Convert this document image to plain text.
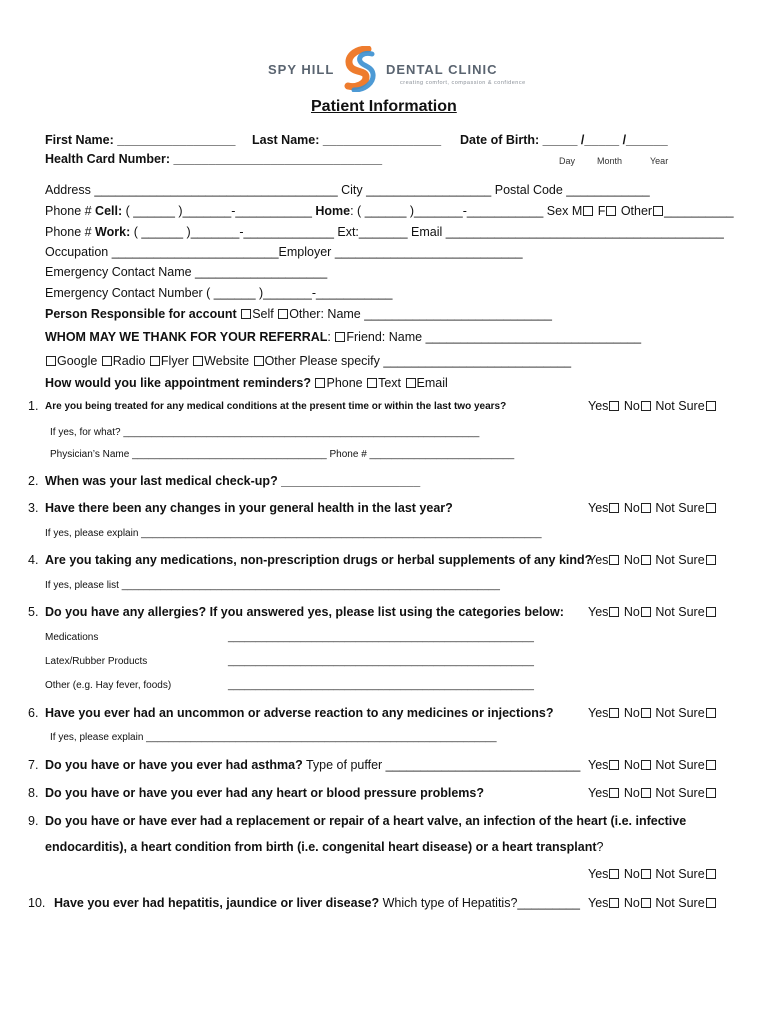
SPY HILL	DENTAL CLINIC
creating comfort, compassion & confidence
Patient Information
First Name: _________________ Last Name: _________________ Date of Birth: _____ /_____ /______
Health Card Number: ______________________________	Day Month	Year
Address ___________________________________ City __________________ Postal Code ____________
Phone # Cell: ( ______ )_______-___________ Home: ( ______ )_______-___________ Sex M F Other __________
Phone # Work: ( ______ )_______-_____________ Ext:_______ Email ________________________________________
Occupation ________________________Employer ___________________________
Emergency Contact Name ___________________
Emergency Contact Number ( ______ )_______-___________
Person Responsible for account Self Other: Name ___________________________
WHOM MAY WE THANK FOR YOUR REFERRAL: Friend: Name _______________________________
Google Radio Flyer Website Other Please specify ___________________________
How would you like appointment reminders? Phone Text Email
1. Are you being treated for any medical conditions at the present time or within the last two years?	Yes No Not Sure
If yes, for what? ________________________________________________________________
Physician’s Name ___________________________________ Phone # __________________________
2. When was your last medical check-up? ____________________
3. Have there been any changes in your general health in the last year?	Yes No Not Sure
If yes, please explain ________________________________________________________________________
4. Are you taking any medications, non-prescription drugs or herbal supplements of any kind?
Yes No Not Sure
If yes, please list ____________________________________________________________________
5. Do you have any allergies? If you answered yes, please list using the categories below: Yes No Not Sure
Medications	_______________________________________________________
Latex/Rubber Products	_______________________________________________________
Other (e.g. Hay fever, foods)	_______________________________________________________
6. Have you ever had an uncommon or adverse reaction to any medicines or injections?	Yes No Not Sure
If yes, please explain _______________________________________________________________
7. Do you have or have you ever had asthma? Type of puffer ____________________________ Yes No Not Sure
8. Do you have or have you ever had any heart or blood pressure problems?	Yes No Not Sure
9. Do you have or have ever had a replacement or repair of a heart valve, an infection of the heart (i.e. infective
endocarditis), a heart condition from birth (i.e. congenital heart disease) or a heart transplant?
Yes No Not Sure
10. Have you ever had hepatitis, jaundice or liver disease? Which type of Hepatitis?_________ Yes No Not Sure
